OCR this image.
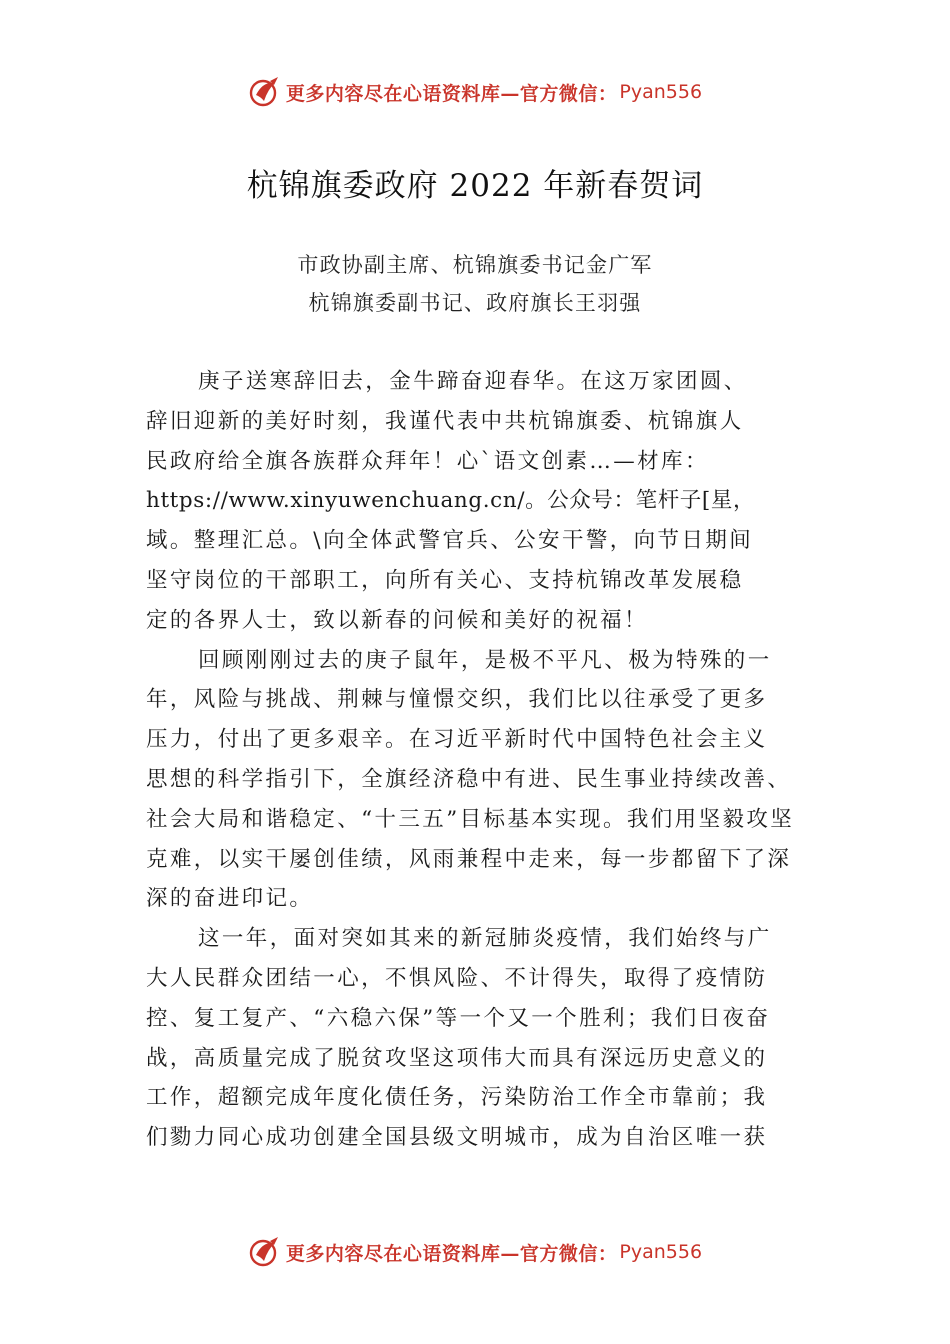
更多内容尽在心语资料库—官方微信： Pyan556
杭锦旗委政府 2022 年新春贺词
市政协副主席、杭锦旗委书记金广军
杭锦旗委副书记、政府旗长王羽强
庚子送寒辞旧去，金牛蹄奋迎春华。在这万家团圆、
辞旧迎新的美好时刻，我谨代表中共杭锦旗委、杭锦旗人
民政府给全旗各族群众拜年！心`语文创素…—材库：
https://www.xinyuwenchuang.cn/。公众号：笔杆子[星，
域。整理汇总。\向全体武警官兵、公安干警，向节日期间
坚守岗位的干部职工，向所有关心、支持杭锦改革发展稳
定的各界人士，致以新春的问候和美好的祝福！
回顾刚刚过去的庚子鼠年，是极不平凡、极为特殊的一
年，风险与挑战、荆棘与憧憬交织，我们比以往承受了更多
压力，付出了更多艰辛。在习近平新时代中国特色社会主义
思想的科学指引下，全旗经济稳中有进、民生事业持续改善、
社会大局和谐稳定、“十三五”目标基本实现。我们用坚毅攻坚
克难，以实干屡创佳绩，风雨兼程中走来，每一步都留下了深
深的奋进印记。
这一年，面对突如其来的新冠肺炎疫情，我们始终与广
大人民群众团结一心，不惧风险、不计得失，取得了疫情防
控、复工复产、“六稳六保”等一个又一个胜利；我们日夜奋
战，高质量完成了脱贫攻坚这项伟大而具有深远历史意义的
工作，超额完成年度化债任务，污染防治工作全市靠前；我
们勠力同心成功创建全国县级文明城市，成为自治区唯一获
更多内容尽在心语资料库—官方微信： Pyan556
